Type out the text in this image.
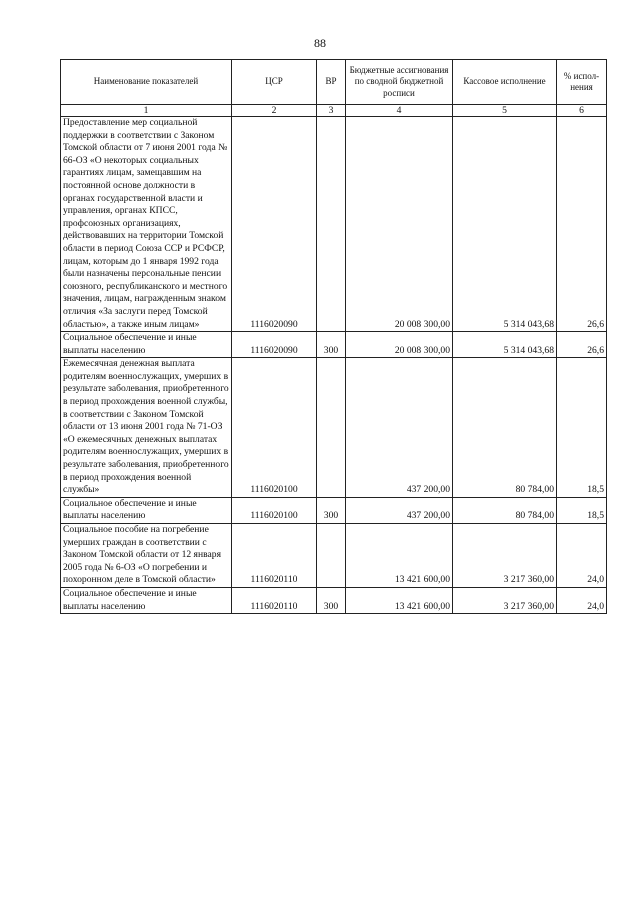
88
Наименование показателей	ЦСР	ВР	Бюджетные ассигнования по сводной бюджетной росписи	Кассовое исполнение	% испол-нения
1	2	3	4	5	6
Предоставление мер социальной поддержки в соответствии с Законом Томской области от 7 июня 2001 года № 66-ОЗ «О некоторых социальных гарантиях лицам, замещавшим на постоянной основе должности в органах государственной власти и управления, органах КПСС, профсоюзных организациях, действовавших на территории Томской области в период Союза ССР и РСФСР, лицам, которым до 1 января 1992 года были назначены персональные пенсии союзного, республиканского и местного значения, лицам, награжденным знаком отличия «За заслуги перед Томской областью», а также иным лицам»	1116020090		20 008 300,00	5 314 043,68	26,6
Социальное обеспечение и иные выплаты населению	1116020090	300	20 008 300,00	5 314 043,68	26,6
Ежемесячная денежная выплата родителям военнослужащих, умерших в результате заболевания, приобретенного в период прохождения военной службы, в соответствии с Законом Томской области от 13 июня 2001 года № 71-ОЗ «О ежемесячных денежных выплатах родителям военнослужащих, умерших в результате заболевания, приобретенного в период прохождения военной службы»	1116020100		437 200,00	80 784,00	18,5
Социальное обеспечение и иные выплаты населению	1116020100	300	437 200,00	80 784,00	18,5
Социальное пособие на погребение умерших граждан в соответствии с Законом Томской области от 12 января 2005 года № 6-ОЗ «О погребении и похоронном деле в Томской области»	1116020110		13 421 600,00	3 217 360,00	24,0
Социальное обеспечение и иные выплаты населению	1116020110	300	13 421 600,00	3 217 360,00	24,0
